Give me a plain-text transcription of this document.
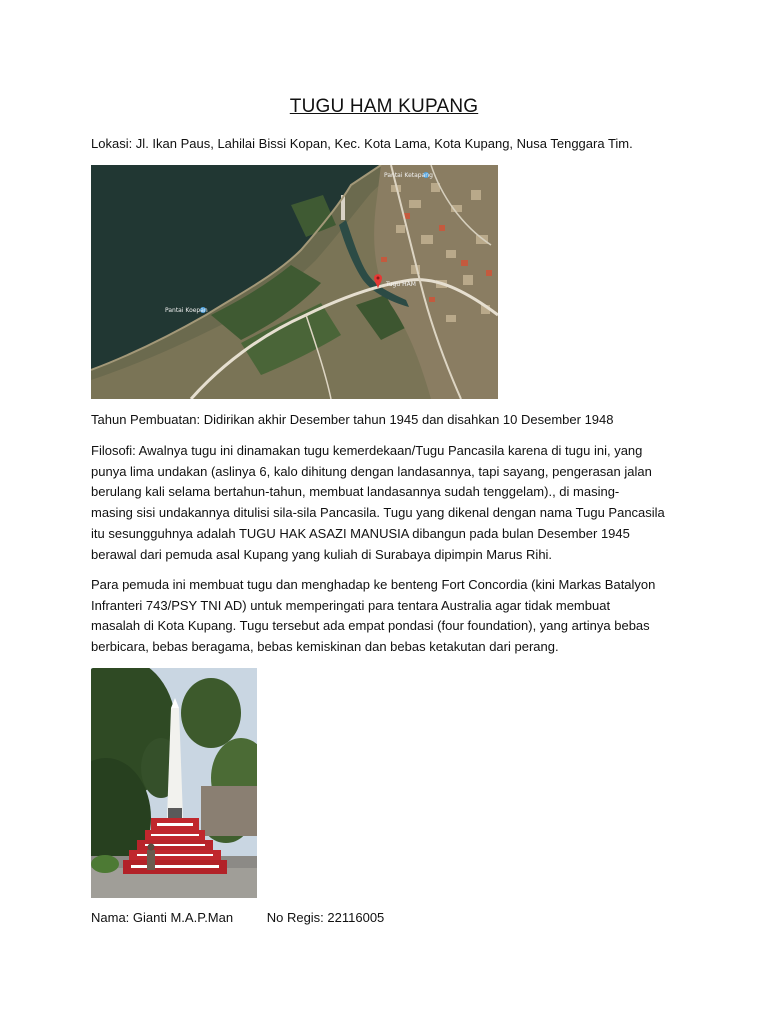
TUGU HAM KUPANG
Lokasi: Jl. Ikan Paus, Lahilai Bissi Kopan, Kec. Kota Lama, Kota Kupang, Nusa Tenggara Tim.
Pantai Koepan
Tugu HAM
Pantai Ketapang
Tahun Pembuatan: Didirikan akhir Desember tahun 1945 dan disahkan 10 Desember 1948
Filosofi: Awalnya tugu ini dinamakan tugu kemerdekaan/Tugu Pancasila karena di tugu ini, yang
punya lima undakan (aslinya 6, kalo dihitung dengan landasannya, tapi sayang, pengerasan jalan
berulang kali selama bertahun-tahun, membuat landasannya sudah tenggelam)., di masing-
masing sisi undakannya ditulisi sila-sila Pancasila. Tugu yang dikenal dengan nama Tugu Pancasila
itu sesungguhnya adalah TUGU HAK ASAZI MANUSIA dibangun pada bulan Desember 1945
berawal dari pemuda asal Kupang yang kuliah di Surabaya dipimpin Marus Rihi.
Para pemuda ini membuat tugu dan menghadap ke benteng Fort Concordia (kini Markas Batalyon
Infranteri 743/PSY TNI AD) untuk memperingati para tentara Australia agar tidak membuat
masalah di Kota Kupang. Tugu tersebut ada empat pondasi (four foundation), yang artinya bebas
berbicara, bebas beragama, bebas kemiskinan dan bebas ketakutan dari perang.
Nama: Gianti M.A.P.Man	No Regis: 22116005
